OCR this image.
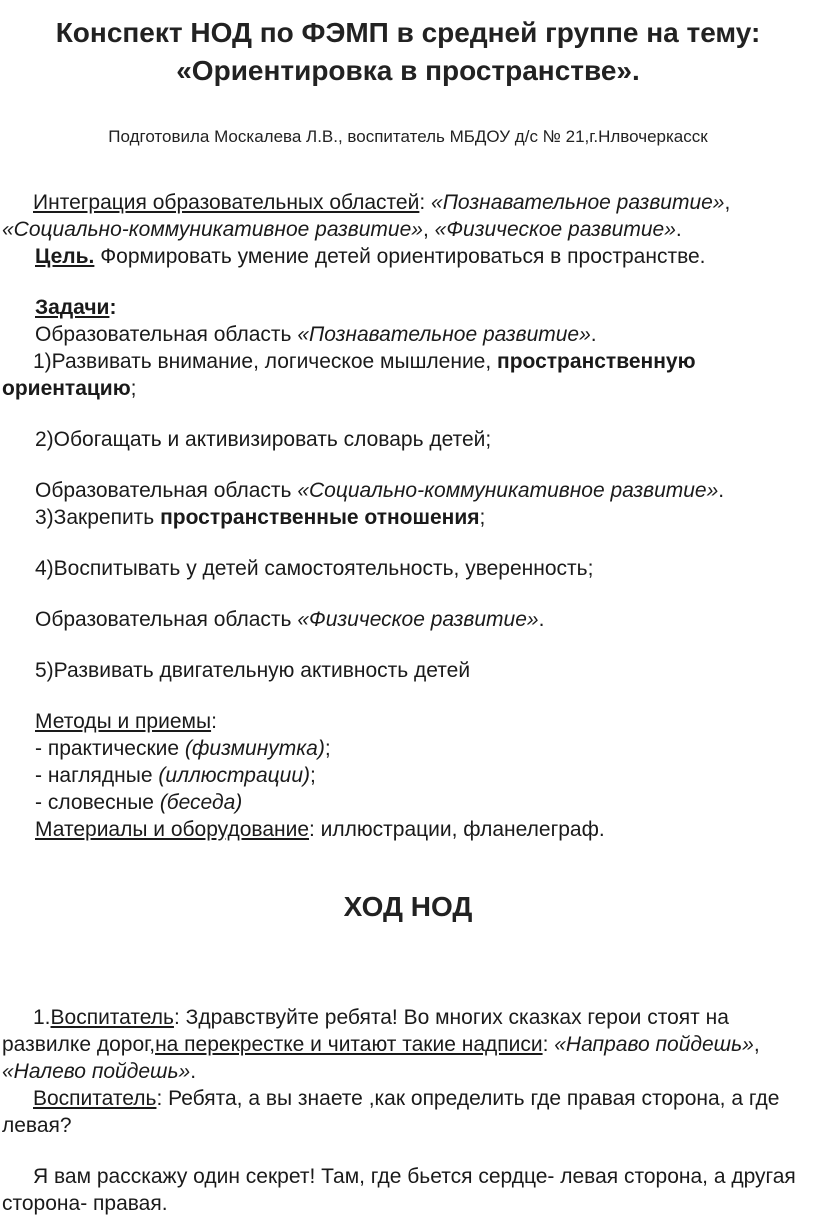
Конспект НОД по ФЭМП в средней группе на тему:
«Ориентировка в пространстве».
Подготовила Москалева Л.В., воспитатель МБДОУ д/с № 21,г.Нлвочеркасск

Интеграция образовательных областей: «Познавательное развитие», «Социально-коммуникативное развитие», «Физическое развитие».

Цель. Формировать умение детей ориентироваться в пространстве.

Задачи:

Образовательная область «Познавательное развитие».

1)Развивать внимание, логическое мышление, пространственную ориентацию;

2)Обогащать и активизировать словарь детей;

Образовательная область «Социально-коммуникативное развитие».

3)Закрепить пространственные отношения;

4)Воспитывать у детей самостоятельность, уверенность;

Образовательная область «Физическое развитие».

5)Развивать двигательную активность детей

Методы и приемы:

- практические (физминутка);

- наглядные (иллюстрации);

- словесные (беседа)

Материалы и оборудование: иллюстрации, фланелеграф.

ХОД НОД

1.Воспитатель: Здравствуйте ребята! Во многих сказках герои стоят на развилке дорог,на перекрестке и читают такие надписи: «Направо пойдешь», «Налево пойдешь».

Воспитатель: Ребята, а вы знаете ,как определить где правая сторона, а где левая?

Я вам расскажу один секрет! Там, где бьется сердце- левая сторона, а другая сторона- правая.
